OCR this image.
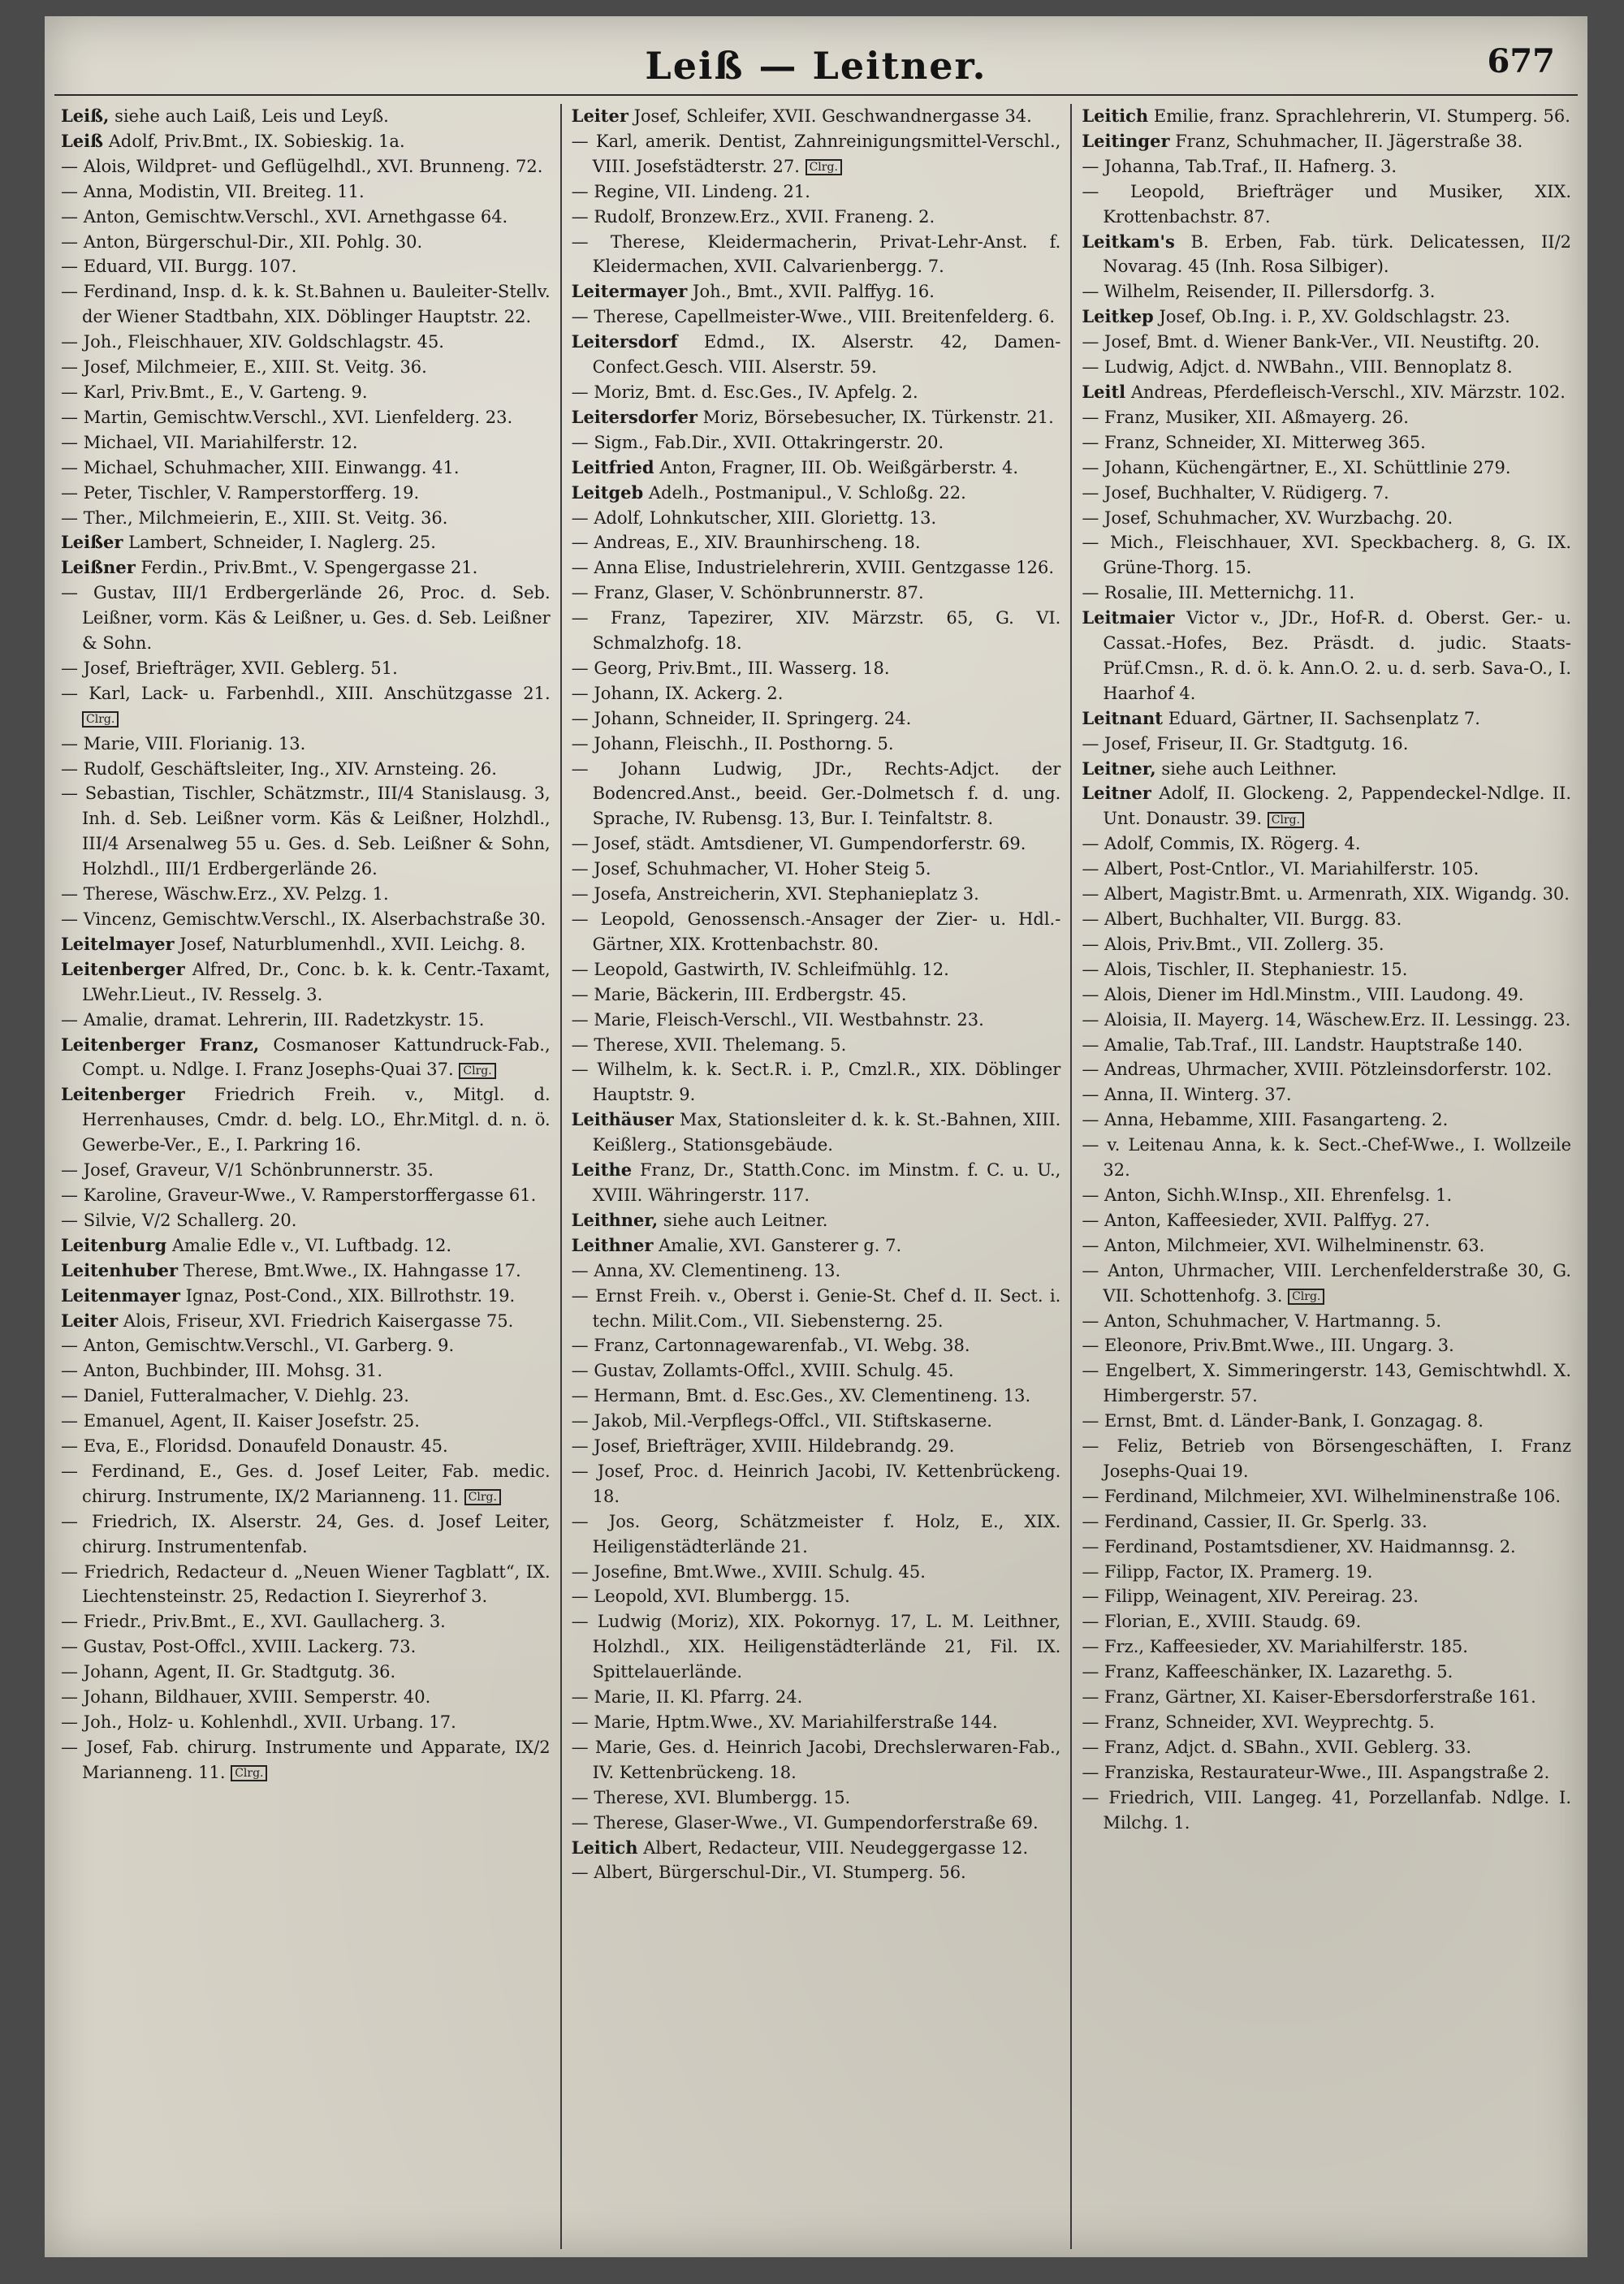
Leiß — Leitner.	677
Leiß, siehe auch Laiß, Leis und Leyß.
Leiß Adolf, Priv.Bmt., IX. Sobieskig. 1a.
— Alois, Wildpret- und Geflügelhdl., XVI. Brunneng. 72.
— Anna, Modistin, VII. Breiteg. 11.
— Anton, Gemischtw.Verschl., XVI. Arnethgasse 64.
— Anton, Bürgerschul-Dir., XII. Pohlg. 30.
— Eduard, VII. Burgg. 107.
— Ferdinand, Insp. d. k. k. St.Bahnen u. Bauleiter-Stellv. der Wiener Stadtbahn, XIX. Döblinger Hauptstr. 22.
— Joh., Fleischhauer, XIV. Goldschlagstr. 45.
— Josef, Milchmeier, E., XIII. St. Veitg. 36.
— Karl, Priv.Bmt., E., V. Garteng. 9.
— Martin, Gemischtw.Verschl., XVI. Lienfelderg. 23.
— Michael, VII. Mariahilferstr. 12.
— Michael, Schuhmacher, XIII. Einwangg. 41.
— Peter, Tischler, V. Ramperstorfferg. 19.
— Ther., Milchmeierin, E., XIII. St. Veitg. 36.
Leißer Lambert, Schneider, I. Naglerg. 25.
Leißner Ferdin., Priv.Bmt., V. Spengergasse 21.
— Gustav, III/1 Erdbergerlände 26, Proc. d. Seb. Leißner, vorm. Käs & Leißner, u. Ges. d. Seb. Leißner & Sohn.
— Josef, Briefträger, XVII. Geblerg. 51.
— Karl, Lack- u. Farbenhdl., XIII. Anschützgasse 21. Clrg.
— Marie, VIII. Florianig. 13.
— Rudolf, Geschäftsleiter, Ing., XIV. Arnsteing. 26.
— Sebastian, Tischler, Schätzmstr., III/4 Stanislausg. 3, Inh. d. Seb. Leißner vorm. Käs & Leißner, Holzhdl., III/4 Arsenalweg 55 u. Ges. d. Seb. Leißner & Sohn, Holzhdl., III/1 Erdbergerlände 26.
— Therese, Wäschw.Erz., XV. Pelzg. 1.
— Vincenz, Gemischtw.Verschl., IX. Alserbachstraße 30.
Leitelmayer Josef, Naturblumenhdl., XVII. Leichg. 8.
Leitenberger Alfred, Dr., Conc. b. k. k. Centr.-Taxamt, LWehr.Lieut., IV. Resselg. 3.
— Amalie, dramat. Lehrerin, III. Radetzkystr. 15.
Leitenberger Franz, Cosmanoser Kattundruck-Fab., Compt. u. Ndlge. I. Franz Josephs-Quai 37. Clrg.
Leitenberger Friedrich Freih. v., Mitgl. d. Herrenhauses, Cmdr. d. belg. LO., Ehr.Mitgl. d. n. ö. Gewerbe-Ver., E., I. Parkring 16.
— Josef, Graveur, V/1 Schönbrunnerstr. 35.
— Karoline, Graveur-Wwe., V. Ramperstorffergasse 61.
— Silvie, V/2 Schallerg. 20.
Leitenburg Amalie Edle v., VI. Luftbadg. 12.
Leitenhuber Therese, Bmt.Wwe., IX. Hahngasse 17.
Leitenmayer Ignaz, Post-Cond., XIX. Billrothstr. 19.
Leiter Alois, Friseur, XVI. Friedrich Kaisergasse 75.
— Anton, Gemischtw.Verschl., VI. Garberg. 9.
— Anton, Buchbinder, III. Mohsg. 31.
— Daniel, Futteralmacher, V. Diehlg. 23.
— Emanuel, Agent, II. Kaiser Josefstr. 25.
— Eva, E., Floridsd. Donaufeld Donaustr. 45.
— Ferdinand, E., Ges. d. Josef Leiter, Fab. medic. chirurg. Instrumente, IX/2 Marianneng. 11. Clrg.
— Friedrich, IX. Alserstr. 24, Ges. d. Josef Leiter, chirurg. Instrumentenfab.
— Friedrich, Redacteur d. „Neuen Wiener Tagblatt“, IX. Liechtensteinstr. 25, Redaction I. Sieyrerhof 3.
— Friedr., Priv.Bmt., E., XVI. Gaullacherg. 3.
— Gustav, Post-Offcl., XVIII. Lackerg. 73.
— Johann, Agent, II. Gr. Stadtgutg. 36.
— Johann, Bildhauer, XVIII. Semperstr. 40.
— Joh., Holz- u. Kohlenhdl., XVII. Urbang. 17.
— Josef, Fab. chirurg. Instrumente und Apparate, IX/2 Marianneng. 11. Clrg.
Leiter Josef, Schleifer, XVII. Geschwandnergasse 34.
— Karl, amerik. Dentist, Zahnreinigungsmittel-Verschl., VIII. Josefstädterstr. 27. Clrg.
— Regine, VII. Lindeng. 21.
— Rudolf, Bronzew.Erz., XVII. Franeng. 2.
— Therese, Kleidermacherin, Privat-Lehr-Anst. f. Kleidermachen, XVII. Calvarienbergg. 7.
Leitermayer Joh., Bmt., XVII. Palffyg. 16.
— Therese, Capellmeister-Wwe., VIII. Breitenfelderg. 6.
Leitersdorf Edmd., IX. Alserstr. 42, Damen-Confect.Gesch. VIII. Alserstr. 59.
— Moriz, Bmt. d. Esc.Ges., IV. Apfelg. 2.
Leitersdorfer Moriz, Börsebesucher, IX. Türkenstr. 21.
— Sigm., Fab.Dir., XVII. Ottakringerstr. 20.
Leitfried Anton, Fragner, III. Ob. Weißgärberstr. 4.
Leitgeb Adelh., Postmanipul., V. Schloßg. 22.
— Adolf, Lohnkutscher, XIII. Gloriettg. 13.
— Andreas, E., XIV. Braunhirscheng. 18.
— Anna Elise, Industrielehrerin, XVIII. Gentzgasse 126.
— Franz, Glaser, V. Schönbrunnerstr. 87.
— Franz, Tapezirer, XIV. Märzstr. 65, G. VI. Schmalzhofg. 18.
— Georg, Priv.Bmt., III. Wasserg. 18.
— Johann, IX. Ackerg. 2.
— Johann, Schneider, II. Springerg. 24.
— Johann, Fleischh., II. Posthorng. 5.
— Johann Ludwig, JDr., Rechts-Adjct. der Bodencred.Anst., beeid. Ger.-Dolmetsch f. d. ung. Sprache, IV. Rubensg. 13, Bur. I. Teinfaltstr. 8.
— Josef, städt. Amtsdiener, VI. Gumpendorferstr. 69.
— Josef, Schuhmacher, VI. Hoher Steig 5.
— Josefa, Anstreicherin, XVI. Stephanieplatz 3.
— Leopold, Genossensch.-Ansager der Zier- u. Hdl.-Gärtner, XIX. Krottenbachstr. 80.
— Leopold, Gastwirth, IV. Schleifmühlg. 12.
— Marie, Bäckerin, III. Erdbergstr. 45.
— Marie, Fleisch-Verschl., VII. Westbahnstr. 23.
— Therese, XVII. Thelemang. 5.
— Wilhelm, k. k. Sect.R. i. P., Cmzl.R., XIX. Döblinger Hauptstr. 9.
Leithäuser Max, Stationsleiter d. k. k. St.-Bahnen, XIII. Keißlerg., Stationsgebäude.
Leithe Franz, Dr., Statth.Conc. im Minstm. f. C. u. U., XVIII. Währingerstr. 117.
Leithner, siehe auch Leitner.
Leithner Amalie, XVI. Gansterer g. 7.
— Anna, XV. Clementineng. 13.
— Ernst Freih. v., Oberst i. Genie-St. Chef d. II. Sect. i. techn. Milit.Com., VII. Siebensterng. 25.
— Franz, Cartonnagewarenfab., VI. Webg. 38.
— Gustav, Zollamts-Offcl., XVIII. Schulg. 45.
— Hermann, Bmt. d. Esc.Ges., XV. Clementineng. 13.
— Jakob, Mil.-Verpflegs-Offcl., VII. Stiftskaserne.
— Josef, Briefträger, XVIII. Hildebrandg. 29.
— Josef, Proc. d. Heinrich Jacobi, IV. Kettenbrückeng. 18.
— Jos. Georg, Schätzmeister f. Holz, E., XIX. Heiligenstädterlände 21.
— Josefine, Bmt.Wwe., XVIII. Schulg. 45.
— Leopold, XVI. Blumbergg. 15.
— Ludwig (Moriz), XIX. Pokornyg. 17, L. M. Leithner, Holzhdl., XIX. Heiligenstädterlände 21, Fil. IX. Spittelauerlände.
— Marie, II. Kl. Pfarrg. 24.
— Marie, Hptm.Wwe., XV. Mariahilferstraße 144.
— Marie, Ges. d. Heinrich Jacobi, Drechslerwaren-Fab., IV. Kettenbrückeng. 18.
— Therese, XVI. Blumbergg. 15.
— Therese, Glaser-Wwe., VI. Gumpendorferstraße 69.
Leitich Albert, Redacteur, VIII. Neudeggergasse 12.
— Albert, Bürgerschul-Dir., VI. Stumperg. 56.
Leitich Emilie, franz. Sprachlehrerin, VI. Stumperg. 56.
Leitinger Franz, Schuhmacher, II. Jägerstraße 38.
— Johanna, Tab.Traf., II. Hafnerg. 3.
— Leopold, Briefträger und Musiker, XIX. Krottenbachstr. 87.
Leitkam's B. Erben, Fab. türk. Delicatessen, II/2 Novarag. 45 (Inh. Rosa Silbiger).
— Wilhelm, Reisender, II. Pillersdorfg. 3.
Leitkep Josef, Ob.Ing. i. P., XV. Goldschlagstr. 23.
— Josef, Bmt. d. Wiener Bank-Ver., VII. Neustiftg. 20.
— Ludwig, Adjct. d. NWBahn., VIII. Bennoplatz 8.
Leitl Andreas, Pferdefleisch-Verschl., XIV. Märzstr. 102.
— Franz, Musiker, XII. Aßmayerg. 26.
— Franz, Schneider, XI. Mitterweg 365.
— Johann, Küchengärtner, E., XI. Schüttlinie 279.
— Josef, Buchhalter, V. Rüdigerg. 7.
— Josef, Schuhmacher, XV. Wurzbachg. 20.
— Mich., Fleischhauer, XVI. Speckbacherg. 8, G. IX. Grüne-Thorg. 15.
— Rosalie, III. Metternichg. 11.
Leitmaier Victor v., JDr., Hof-R. d. Oberst. Ger.- u. Cassat.-Hofes, Bez. Präsdt. d. judic. Staats-Prüf.Cmsn., R. d. ö. k. Ann.O. 2. u. d. serb. Sava-O., I. Haarhof 4.
Leitnant Eduard, Gärtner, II. Sachsenplatz 7.
— Josef, Friseur, II. Gr. Stadtgutg. 16.
Leitner, siehe auch Leithner.
Leitner Adolf, II. Glockeng. 2, Pappendeckel-Ndlge. II. Unt. Donaustr. 39. Clrg.
— Adolf, Commis, IX. Rögerg. 4.
— Albert, Post-Cntlor., VI. Mariahilferstr. 105.
— Albert, Magistr.Bmt. u. Armenrath, XIX. Wigandg. 30.
— Albert, Buchhalter, VII. Burgg. 83.
— Alois, Priv.Bmt., VII. Zollerg. 35.
— Alois, Tischler, II. Stephaniestr. 15.
— Alois, Diener im Hdl.Minstm., VIII. Laudong. 49.
— Aloisia, II. Mayerg. 14, Wäschew.Erz. II. Lessingg. 23.
— Amalie, Tab.Traf., III. Landstr. Hauptstraße 140.
— Andreas, Uhrmacher, XVIII. Pötzleinsdorferstr. 102.
— Anna, II. Winterg. 37.
— Anna, Hebamme, XIII. Fasangarteng. 2.
— v. Leitenau Anna, k. k. Sect.-Chef-Wwe., I. Wollzeile 32.
— Anton, Sichh.W.Insp., XII. Ehrenfelsg. 1.
— Anton, Kaffeesieder, XVII. Palffyg. 27.
— Anton, Milchmeier, XVI. Wilhelminenstr. 63.
— Anton, Uhrmacher, VIII. Lerchenfelderstraße 30, G. VII. Schottenhofg. 3. Clrg.
— Anton, Schuhmacher, V. Hartmanng. 5.
— Eleonore, Priv.Bmt.Wwe., III. Ungarg. 3.
— Engelbert, X. Simmeringerstr. 143, Gemischtwhdl. X. Himbergerstr. 57.
— Ernst, Bmt. d. Länder-Bank, I. Gonzagag. 8.
— Feliz, Betrieb von Börsengeschäften, I. Franz Josephs-Quai 19.
— Ferdinand, Milchmeier, XVI. Wilhelminenstraße 106.
— Ferdinand, Cassier, II. Gr. Sperlg. 33.
— Ferdinand, Postamtsdiener, XV. Haidmannsg. 2.
— Filipp, Factor, IX. Pramerg. 19.
— Filipp, Weinagent, XIV. Pereirag. 23.
— Florian, E., XVIII. Staudg. 69.
— Frz., Kaffeesieder, XV. Mariahilferstr. 185.
— Franz, Kaffeeschänker, IX. Lazarethg. 5.
— Franz, Gärtner, XI. Kaiser-Ebersdorferstraße 161.
— Franz, Schneider, XVI. Weyprechtg. 5.
— Franz, Adjct. d. SBahn., XVII. Geblerg. 33.
— Franziska, Restaurateur-Wwe., III. Aspangstraße 2.
— Friedrich, VIII. Langeg. 41, Porzellanfab. Ndlge. I. Milchg. 1.
